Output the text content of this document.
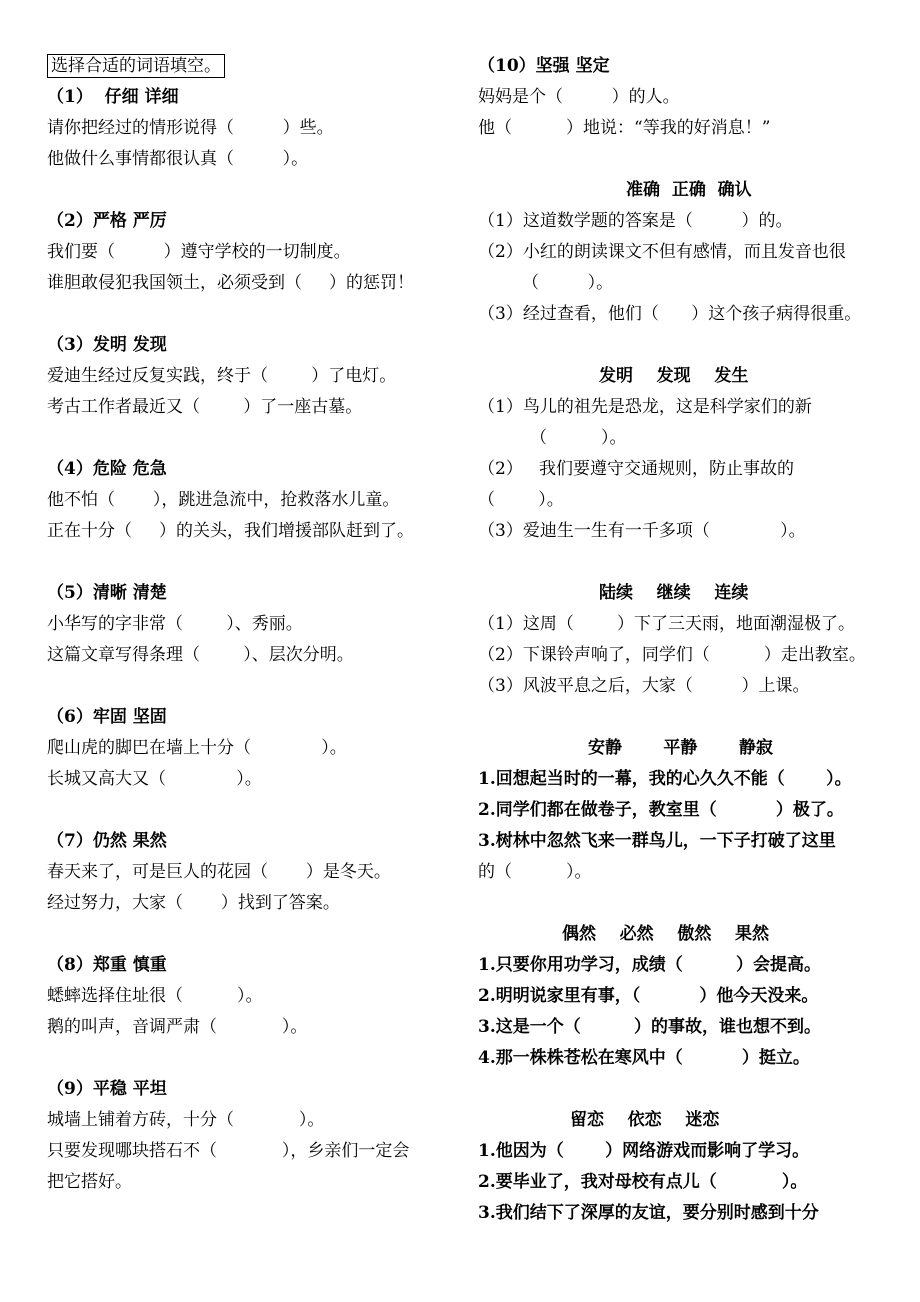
选择合适的词语填空。
（1）  仔细 详细
请你把经过的情形说得（         ）些。
他做什么事情都很认真（         ）。
（2）严格 严厉
我们要（         ）遵守学校的一切制度。
谁胆敢侵犯我国领土，必须受到（     ）的惩罚！
（3）发明 发现
爱迪生经过反复实践，终于（        ）了电灯。
考古工作者最近又（        ）了一座古墓。
（4）危险 危急
他不怕（       ），跳进急流中，抢救落水儿童。
正在十分（     ）的关头，我们增援部队赶到了。
（5）清晰 清楚
小华写的字非常（        ）、秀丽。
这篇文章写得条理（        ）、层次分明。
（6）牢固 坚固
爬山虎的脚巴在墙上十分（             ）。
长城又高大又（             ）。
（7）仍然 果然
春天来了，可是巨人的花园（       ）是冬天。
经过努力，大家（       ）找到了答案。
（8）郑重 慎重
蟋蟀选择住址很（          ）。
鹅的叫声，音调严肃（            ）。
（9）平稳 平坦
城墙上铺着方砖，十分（            ）。
只要发现哪块搭石不（            ），乡亲们一定会
把它搭好。
（10）坚强 坚定
妈妈是个（         ）的人。
他（          ）地说：“等我的好消息！”
准确  正确  确认
（1）这道数学题的答案是（         ）的。
（2）小红的朗读课文不但有感情，而且发音也很
（         ）。
（3）经过查看，他们（      ）这个孩子病得很重。
发明    发现    发生
（1）鸟儿的祖先是恐龙，这是科学家们的新
（          ）。
（2）   我们要遵守交通规则，防止事故的
（        ）。
（3）爱迪生一生有一千多项（             ）。
陆续    继续    连续
（1）这周（        ）下了三天雨，地面潮湿极了。
（2）下课铃声响了，同学们（          ）走出教室。
（3）风波平息之后，大家（         ）上课。
安静       平静       静寂
1.回想起当时的一幕，我的心久久不能（       ）。
2.同学们都在做卷子，教室里（          ）极了。
3.树林中忽然飞来一群鸟儿，一下子打破了这里
的（          ）。
偶然    必然    傲然    果然
1.只要你用功学习，成绩（         ）会提高。
2.明明说家里有事，（          ）他今天没来。
3.这是一个（         ）的事故，谁也想不到。
4.那一株株苍松在寒风中（          ）挺立。
留恋    依恋    迷恋
1.他因为（       ）网络游戏而影响了学习。
2.要毕业了，我对母校有点儿（           ）。
3.我们结下了深厚的友谊，要分别时感到十分
